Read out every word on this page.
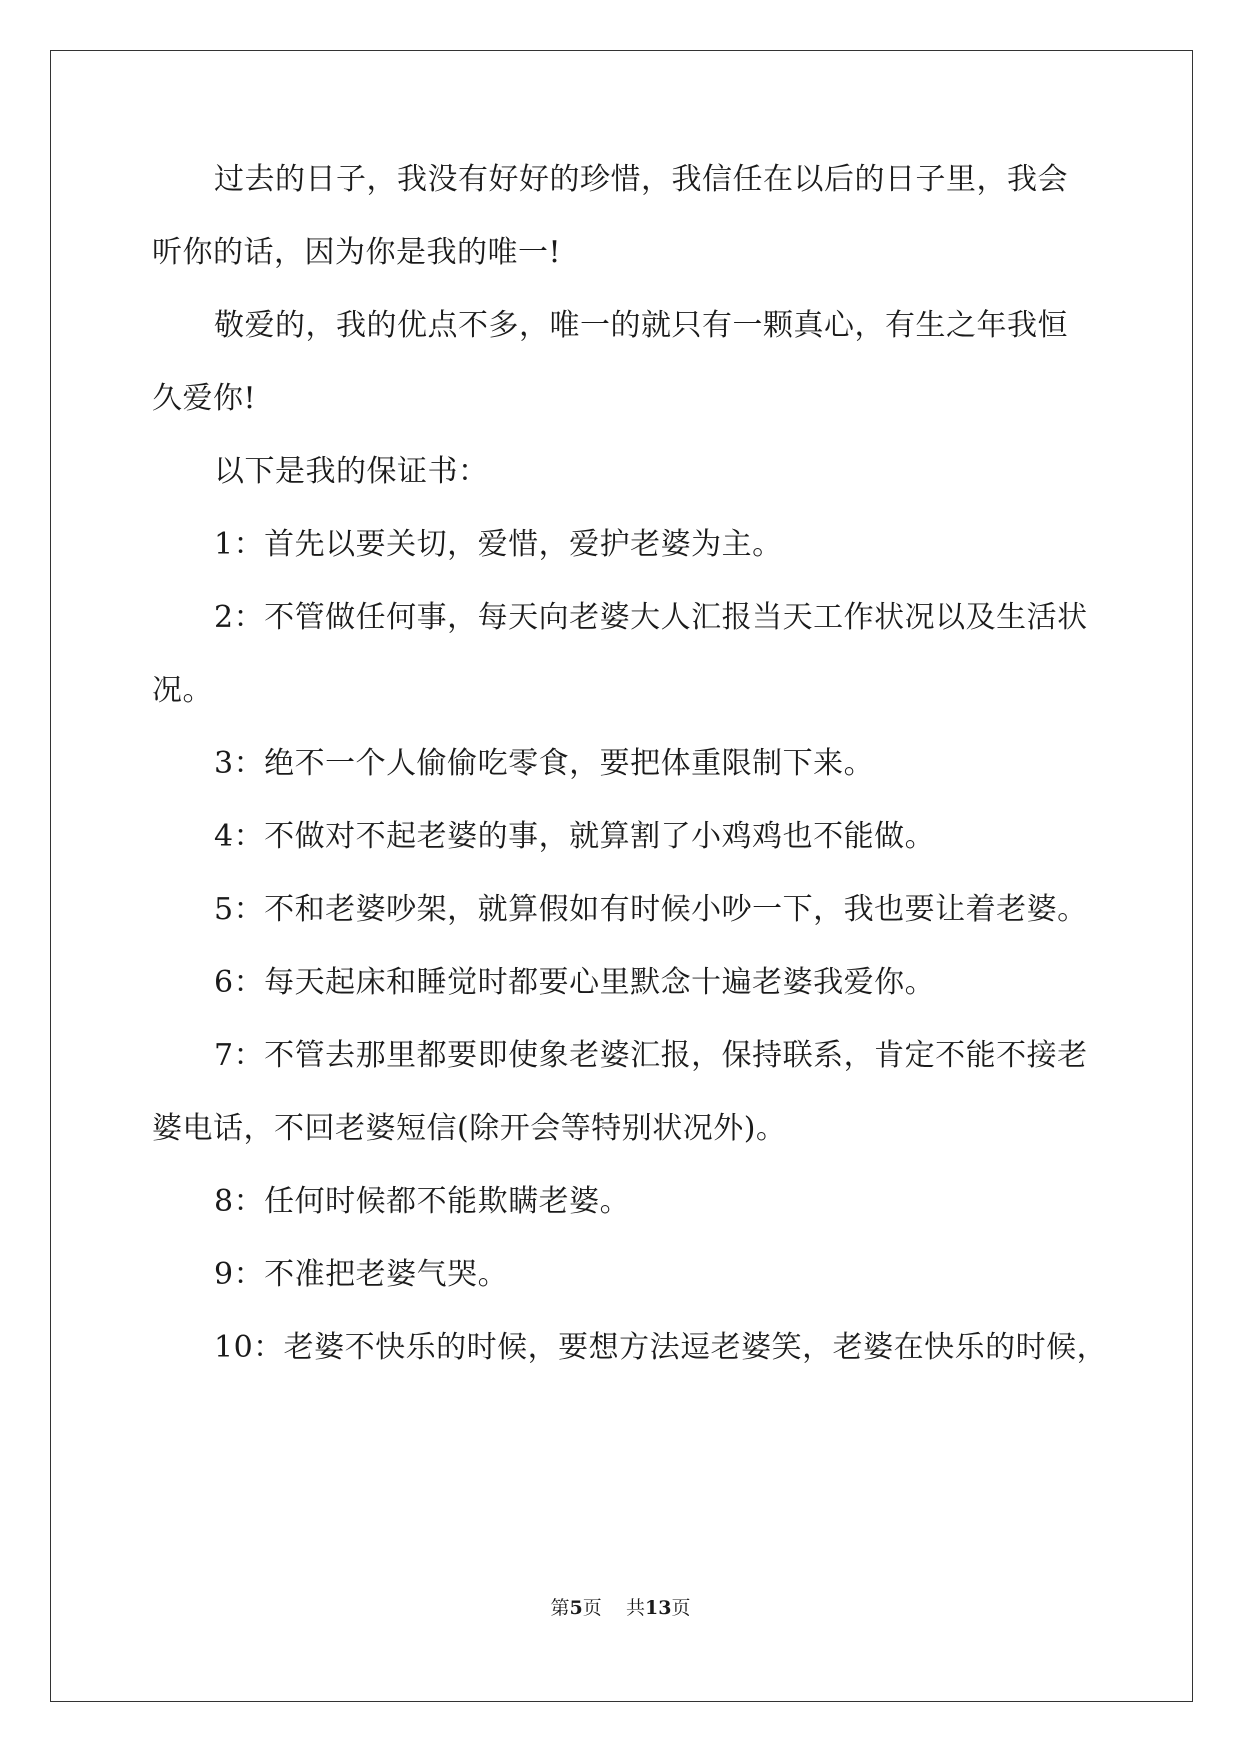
过去的日子，我没有好好的珍惜，我信任在以后的日子里，我会
听你的话，因为你是我的唯一!
敬爱的，我的优点不多，唯一的就只有一颗真心，有生之年我恒
久爱你!
以下是我的保证书：
1：首先以要关切，爱惜，爱护老婆为主。
2：不管做任何事，每天向老婆大人汇报当天工作状况以及生活状
况。
3：绝不一个人偷偷吃零食，要把体重限制下来。
4：不做对不起老婆的事，就算割了小鸡鸡也不能做。
5：不和老婆吵架，就算假如有时候小吵一下，我也要让着老婆。
6：每天起床和睡觉时都要心里默念十遍老婆我爱你。
7：不管去那里都要即使象老婆汇报，保持联系，肯定不能不接老
婆电话，不回老婆短信(除开会等特别状况外)。
8：任何时候都不能欺瞒老婆。
9：不准把老婆气哭。
10：老婆不快乐的时候，要想方法逗老婆笑，老婆在快乐的时候，
第5页 共13页
